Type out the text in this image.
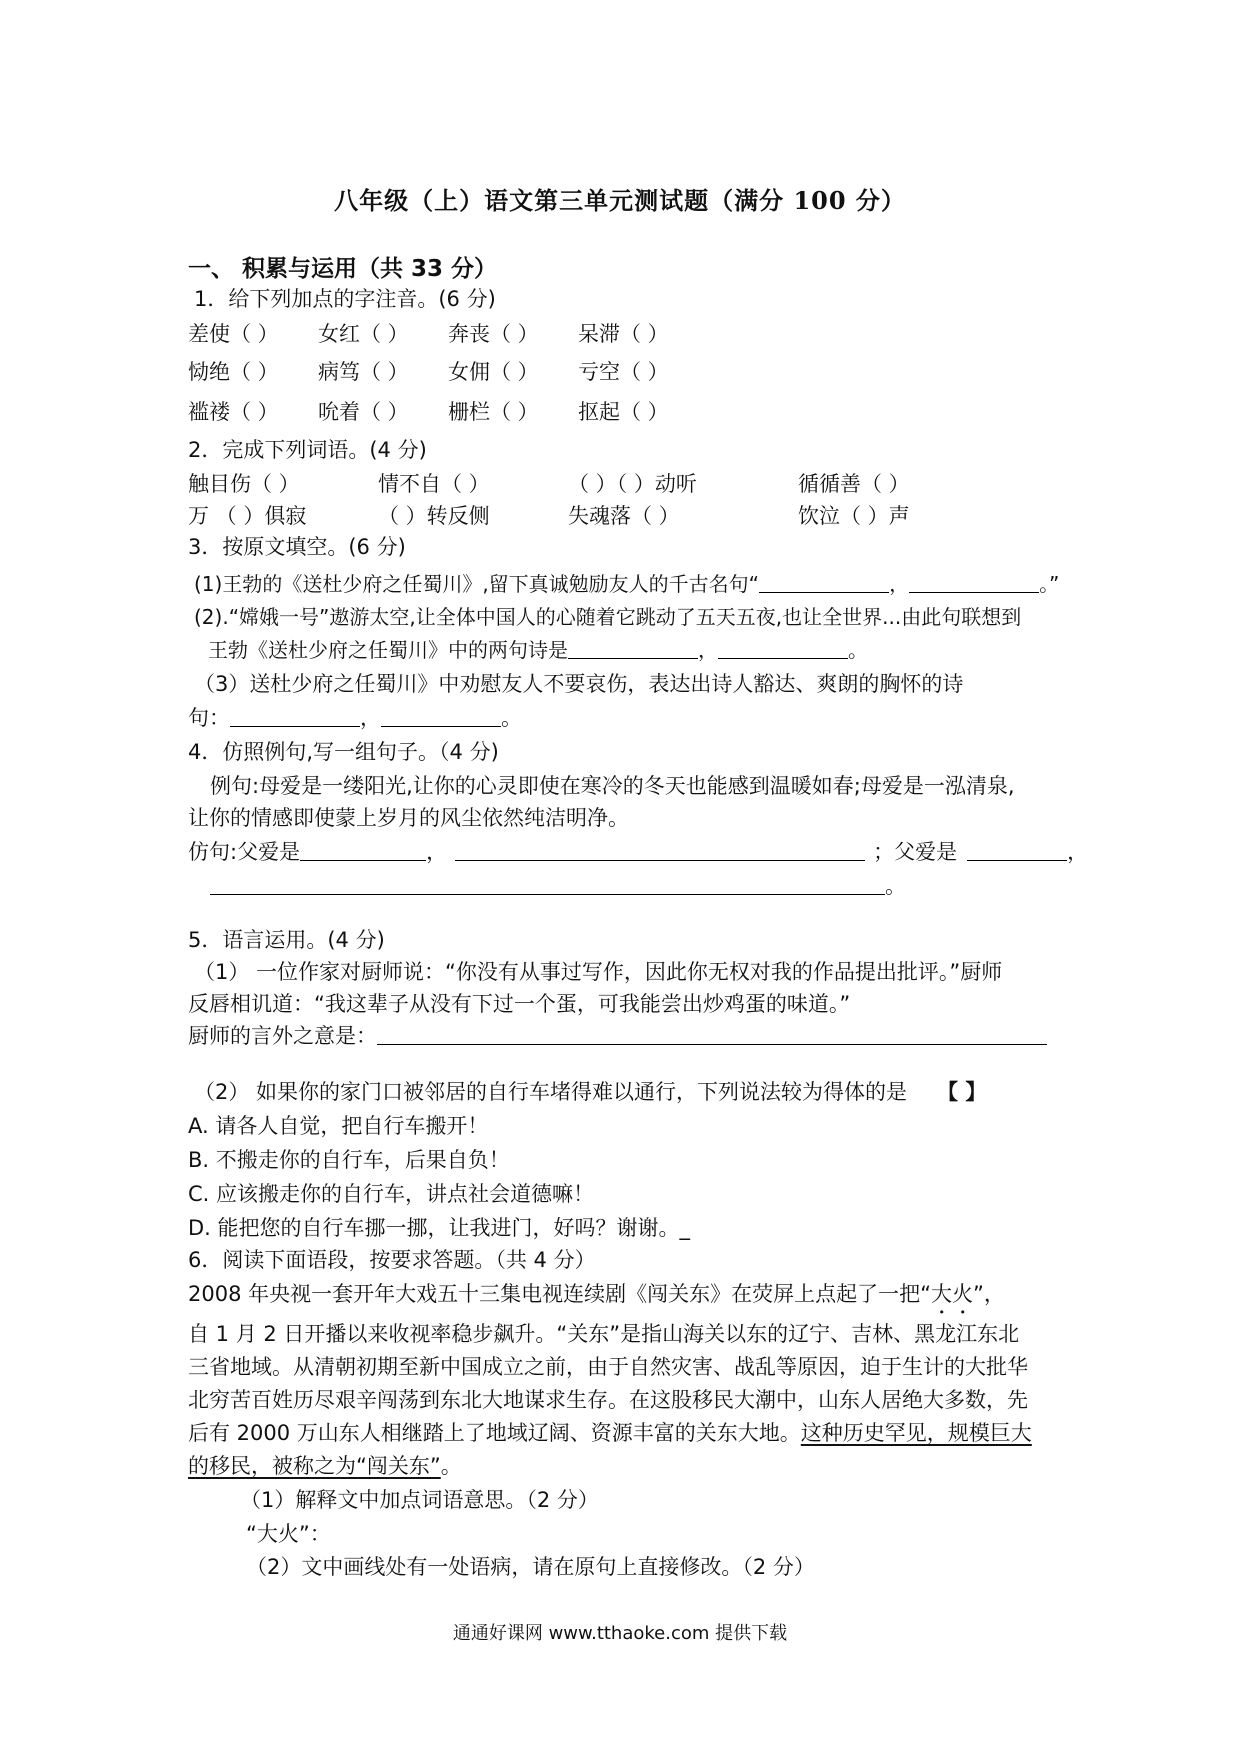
八年级（上）语文第三单元测试题（满分 100 分）
一、 积累与运用（共 33 分）
1．给下列加点的字注音。(6 分)
差使（ ） 女红（ ） 奔丧（ ） 呆滞（ ）
恸绝（ ） 病笃（ ） 女佣（ ） 亏空（ ）
褴褛（ ） 吮着（ ） 栅栏（ ） 抠起（ ）
2．完成下列词语。(4 分)
触目伤（ ）	情不自（ ）	（ ）（ ）动听	循循善（ ）
万 （ ）俱寂	（ ）转反侧	失魂落（ ）	饮泣（ ）声
3．按原文填空。(6 分)
(1)王勃的《送杜少府之任蜀川》,留下真诚勉励友人的千古名句“	，	。”
(2).“嫦娥一号”遨游太空,让全体中国人的心随着它跳动了五天五夜,也让全世界...由此句联想到
王勃《送杜少府之任蜀川》中的两句诗是	，	。
（3）送杜少府之任蜀川》中劝慰友人不要哀伤，表达出诗人豁达、爽朗的胸怀的诗
句：	，	。
4．仿照例句,写一组句子。（4 分)
例句:母爱是一缕阳光,让你的心灵即使在寒冷的冬天也能感到温暖如春;母爱是一泓清泉,
让你的情感即使蒙上岁月的风尘依然纯洁明净。
仿句:父爱是	，	；父爱是	，
。
5．语言运用。(4 分)
（1） 一位作家对厨师说：“你没有从事过写作，因此你无权对我的作品提出批评。”厨师
反唇相讥道：“我这辈子从没有下过一个蛋，可我能尝出炒鸡蛋的味道。”
厨师的言外之意是：
（2） 如果你的家门口被邻居的自行车堵得难以通行，下列说法较为得体的是 【 】
A. 请各人自觉，把自行车搬开！
B. 不搬走你的自行车，后果自负！
C. 应该搬走你的自行车，讲点社会道德嘛！
D. 能把您的自行车挪一挪，让我进门，好吗？谢谢。_
6．阅读下面语段，按要求答题。（共 4 分）
2008 年央视一套开年大戏五十三集电视连续剧《闯关东》在荧屏上点起了一把“大火”，
自 1 月 2 日开播以来收视率稳步飙升。“关东”是指山海关以东的辽宁、吉林、黑龙江东北
三省地域。从清朝初期至新中国成立之前，由于自然灾害、战乱等原因，迫于生计的大批华
北穷苦百姓历尽艰辛闯荡到东北大地谋求生存。在这股移民大潮中，山东人居绝大多数，先
后有 2000 万山东人相继踏上了地域辽阔、资源丰富的关东大地。这种历史罕见，规模巨大
的移民，被称之为“闯关东”。
（1）解释文中加点词语意思。（2 分）
“大火”：
（2）文中画线处有一处语病，请在原句上直接修改。（2 分）
通通好课网 www.tthaoke.com 提供下载
